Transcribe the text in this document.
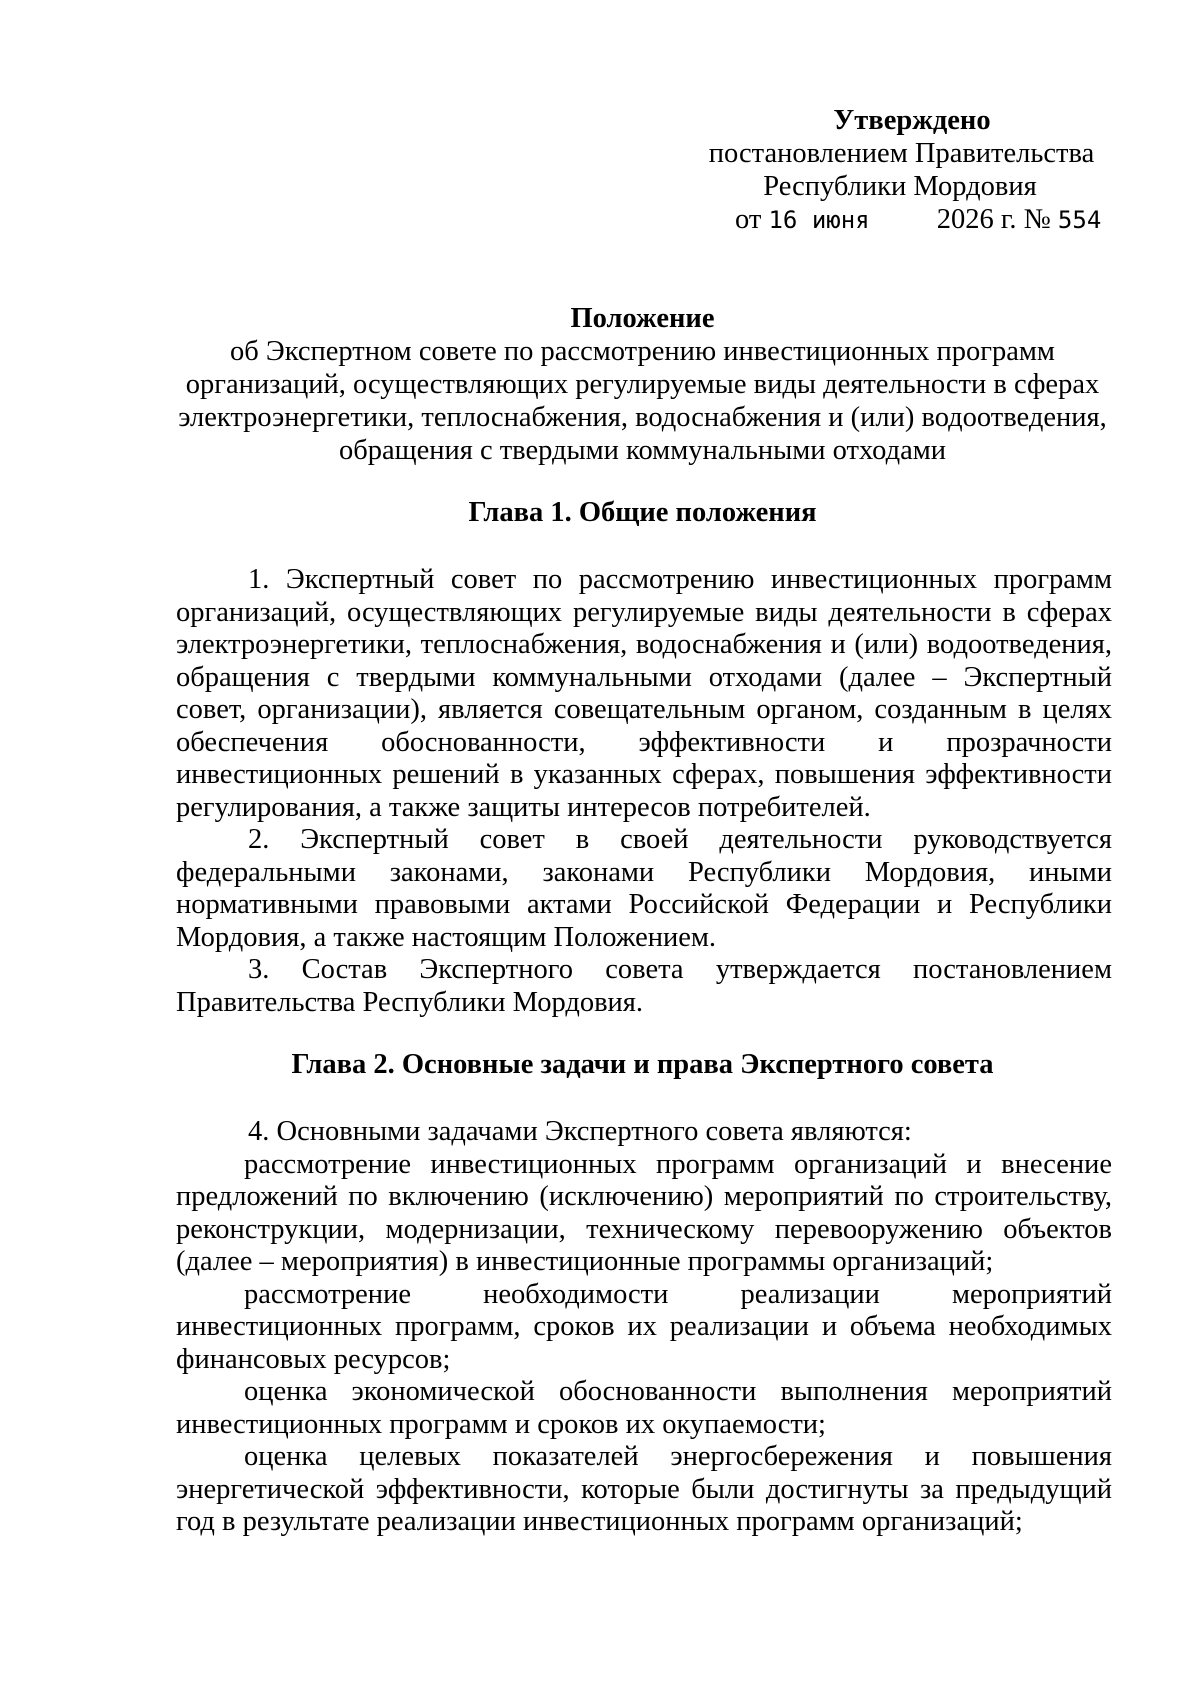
Утверждено
постановлением Правительства
Республики Мордовия
от 16 июня 2026 г. № 554
Положение
об Экспертном совете по рассмотрению инвестиционных программ
организаций, осуществляющих регулируемые виды деятельности в сферах
электроэнергетики, теплоснабжения, водоснабжения и (или) водоотведения,
обращения с твердыми коммунальными отходами
Глава 1. Общие положения

1. Экспертный совет по рассмотрению инвестиционных программ организаций, осуществляющих регулируемые виды деятельности в сферах электроэнергетики, теплоснабжения, водоснабжения и (или) водоотведения, обращения с твердыми коммунальными отходами (далее – Экспертный совет, организации), является совещательным органом, созданным в целях обеспечения обоснованности, эффективности и прозрачности инвестиционных решений в указанных сферах, повышения эффективности регулирования, а также защиты интересов потребителей.

2. Экспертный совет в своей деятельности руководствуется федеральными законами, законами Республики Мордовия, иными нормативными правовыми актами Российской Федерации и Республики Мордовия, а также настоящим Положением.

3. Состав Экспертного совета утверждается постановлением Правительства Республики Мордовия.

Глава 2. Основные задачи и права Экспертного совета

4. Основными задачами Экспертного совета являются:

рассмотрение инвестиционных программ организаций и внесение предложений по включению (исключению) мероприятий по строительству, реконструкции, модернизации, техническому перевооружению объектов (далее – мероприятия) в инвестиционные программы организаций;

рассмотрение необходимости реализации мероприятий инвестиционных программ, сроков их реализации и объема необходимых финансовых ресурсов;

оценка экономической обоснованности выполнения мероприятий инвестиционных программ и сроков их окупаемости;

оценка целевых показателей энергосбережения и повышения энергетической эффективности, которые были достигнуты за предыдущий год в результате реализации инвестиционных программ организаций;
